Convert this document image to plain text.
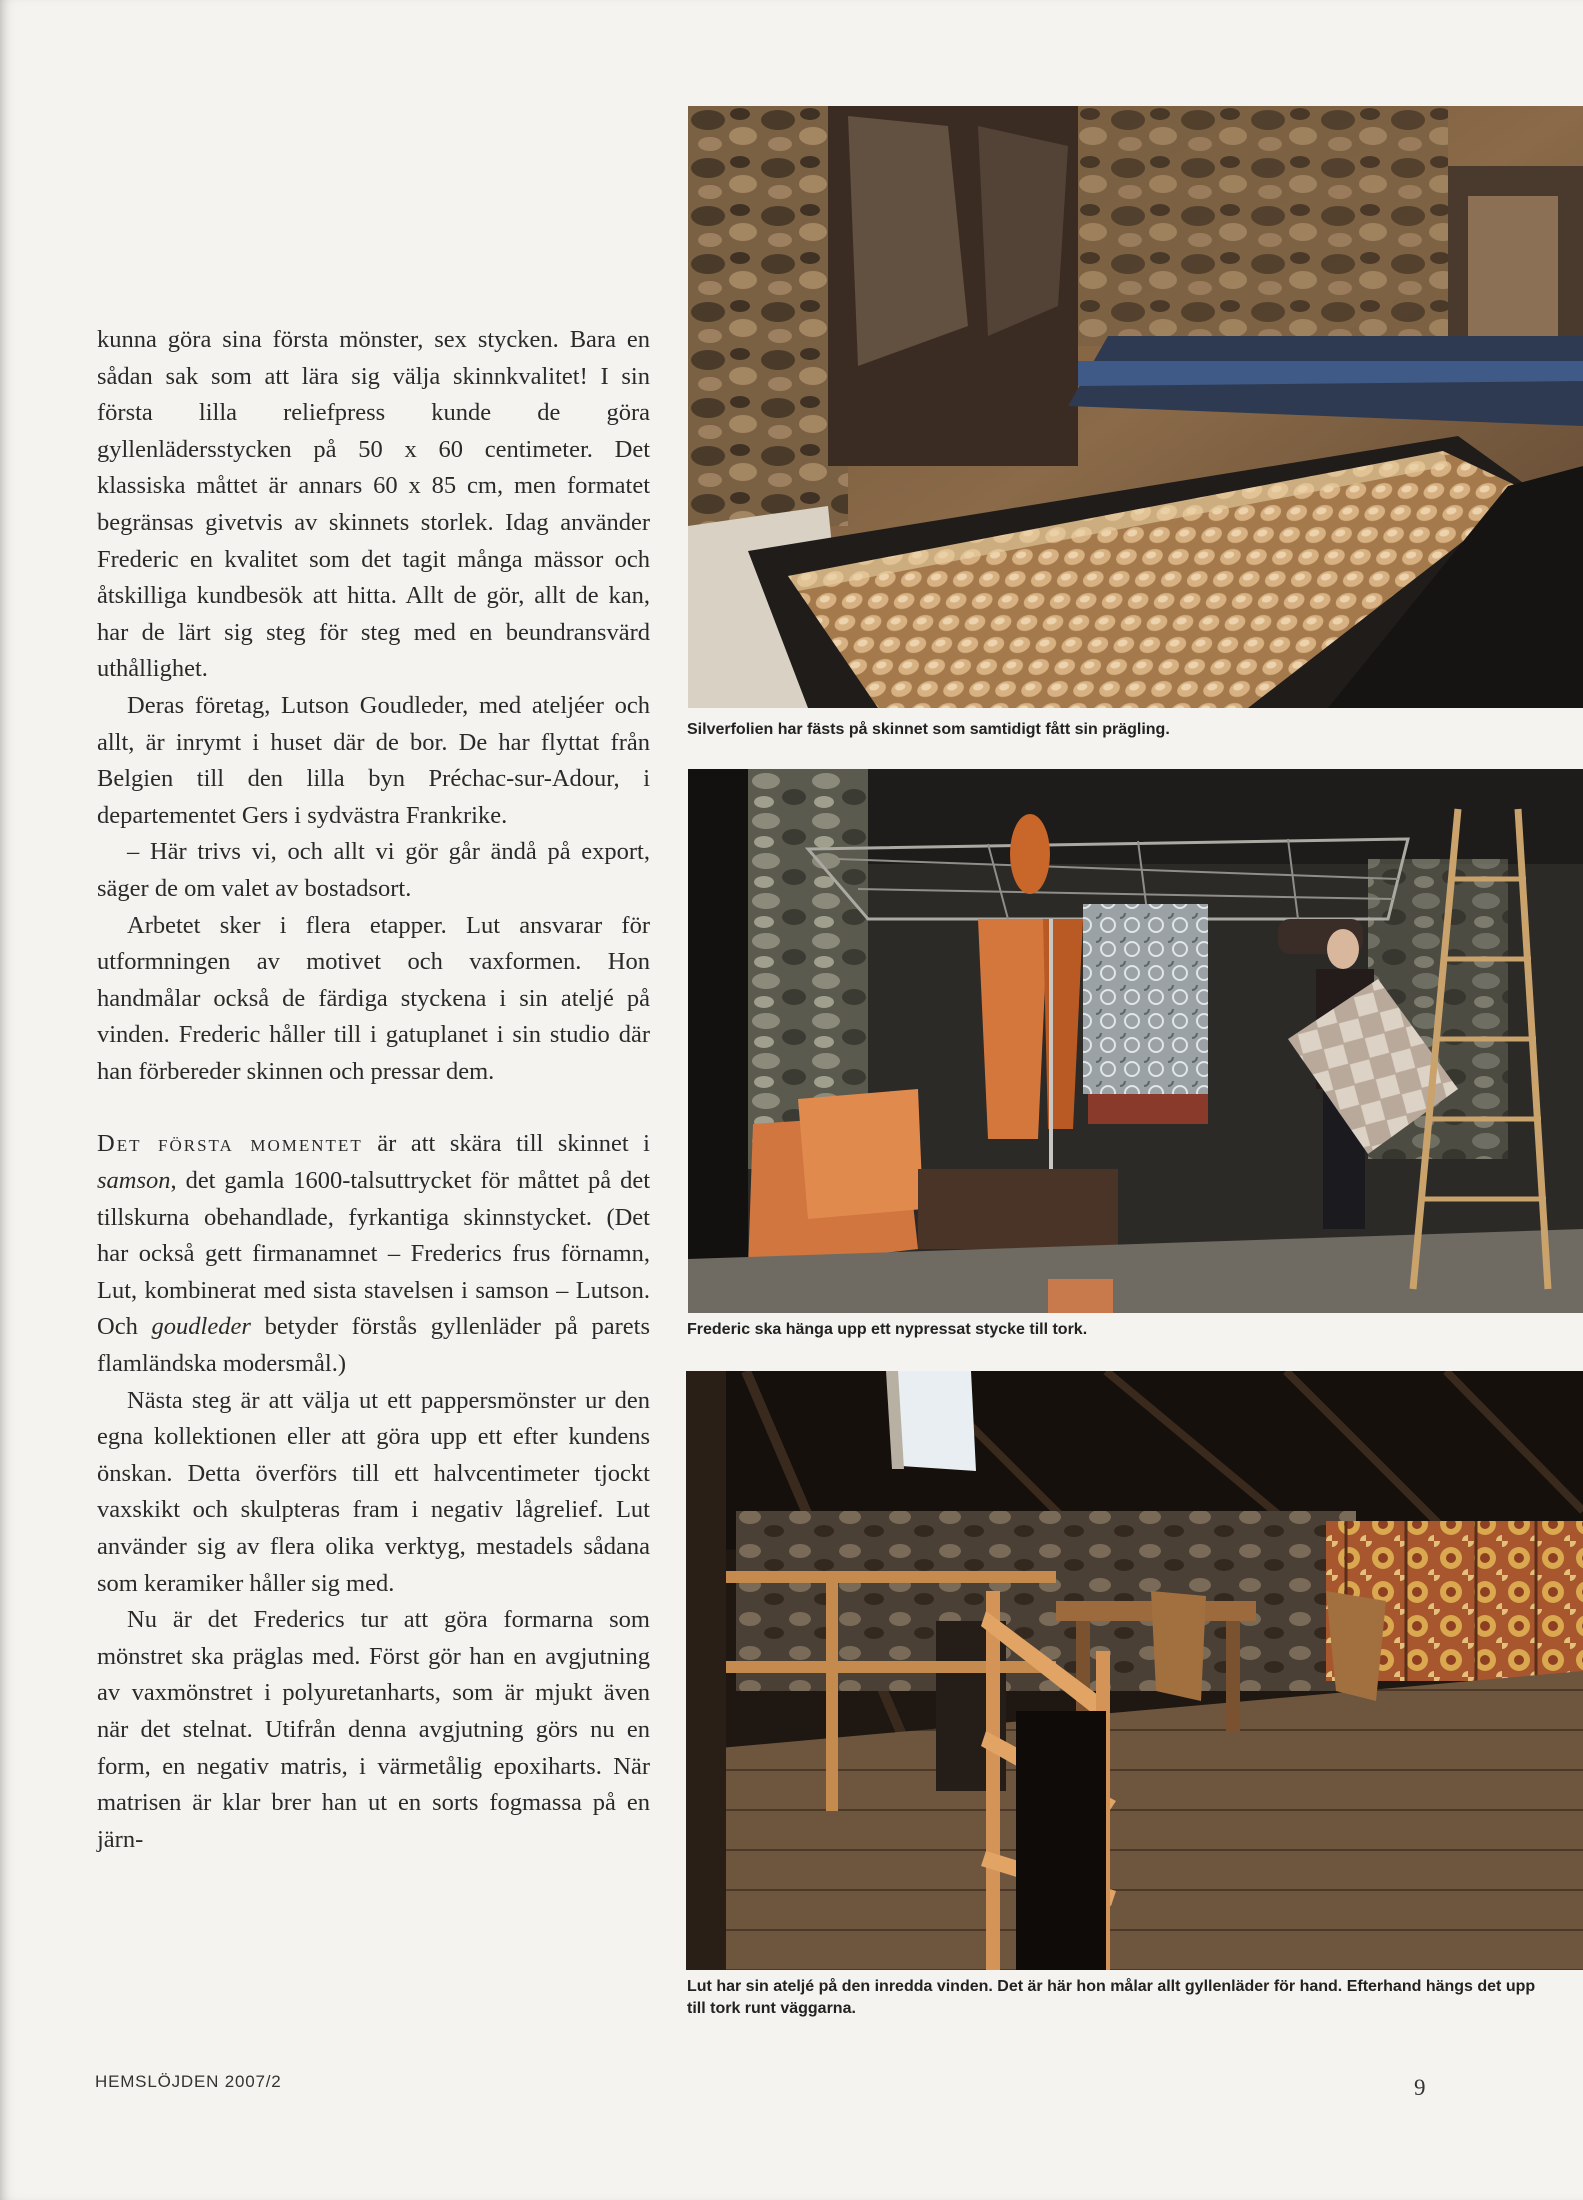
kunna göra sina första mönster, sex stycken. Bara en sådan sak som att lära sig välja skinnkvalitet! I sin första lilla reliefpress kunde de göra gyllenlädersstycken på 50 x 60 centimeter. Det klassiska måttet är annars 60 x 85 cm, men formatet begränsas givetvis av skinnets storlek. Idag använder Frederic en kvalitet som det tagit många mässor och åtskilliga kundbesök att hitta. Allt de gör, allt de kan, har de lärt sig steg för steg med en beundransvärd uthållighet.

Deras företag, Lutson Goudleder, med ateljéer och allt, är inrymt i huset där de bor. De har flyttat från Belgien till den lilla byn Préchac-sur-Adour, i departementet Gers i sydvästra Frankrike.

– Här trivs vi, och allt vi gör går ändå på export, säger de om valet av bostadsort.

Arbetet sker i flera etapper. Lut ansvarar för utformningen av motivet och vaxformen. Hon handmålar också de färdiga styckena i sin ateljé på vinden. Frederic håller till i gatuplanet i sin studio där han förbereder skinnen och pressar dem.

Det första momentet är att skära till skinnet i samson, det gamla 1600-talsuttrycket för måttet på det tillskurna obehandlade, fyrkantiga skinnstycket. (Det har också gett firmanamnet – Frederics frus förnamn, Lut, kombinerat med sista stavelsen i samson – Lutson. Och goudleder betyder förstås gyllenläder på parets flamländska modersmål.)

Nästa steg är att välja ut ett pappersmönster ur den egna kollektionen eller att göra upp ett efter kundens önskan. Detta överförs till ett halvcentimeter tjockt vaxskikt och skulpteras fram i negativ lågrelief. Lut använder sig av flera olika verktyg, mestadels sådana som keramiker håller sig med.

Nu är det Frederics tur att göra formarna som mönstret ska präglas med. Först gör han en avgjutning av vaxmönstret i polyuretanharts, som är mjukt även när det stelnat. Utifrån denna avgjutning görs nu en form, en negativ matris, i värmetålig epoxiharts. När matrisen är klar brer han ut en sorts fogmassa på en järn-

Silverfolien har fästs på skinnet som samtidigt fått sin prägling.
Frederic ska hänga upp ett nypressat stycke till tork.
Lut har sin ateljé på den inredda vinden. Det är här hon målar allt gyllenläder för hand. Efterhand hängs det upp till tork runt väggarna.
HEMSLÖJDEN 2007/2	9
